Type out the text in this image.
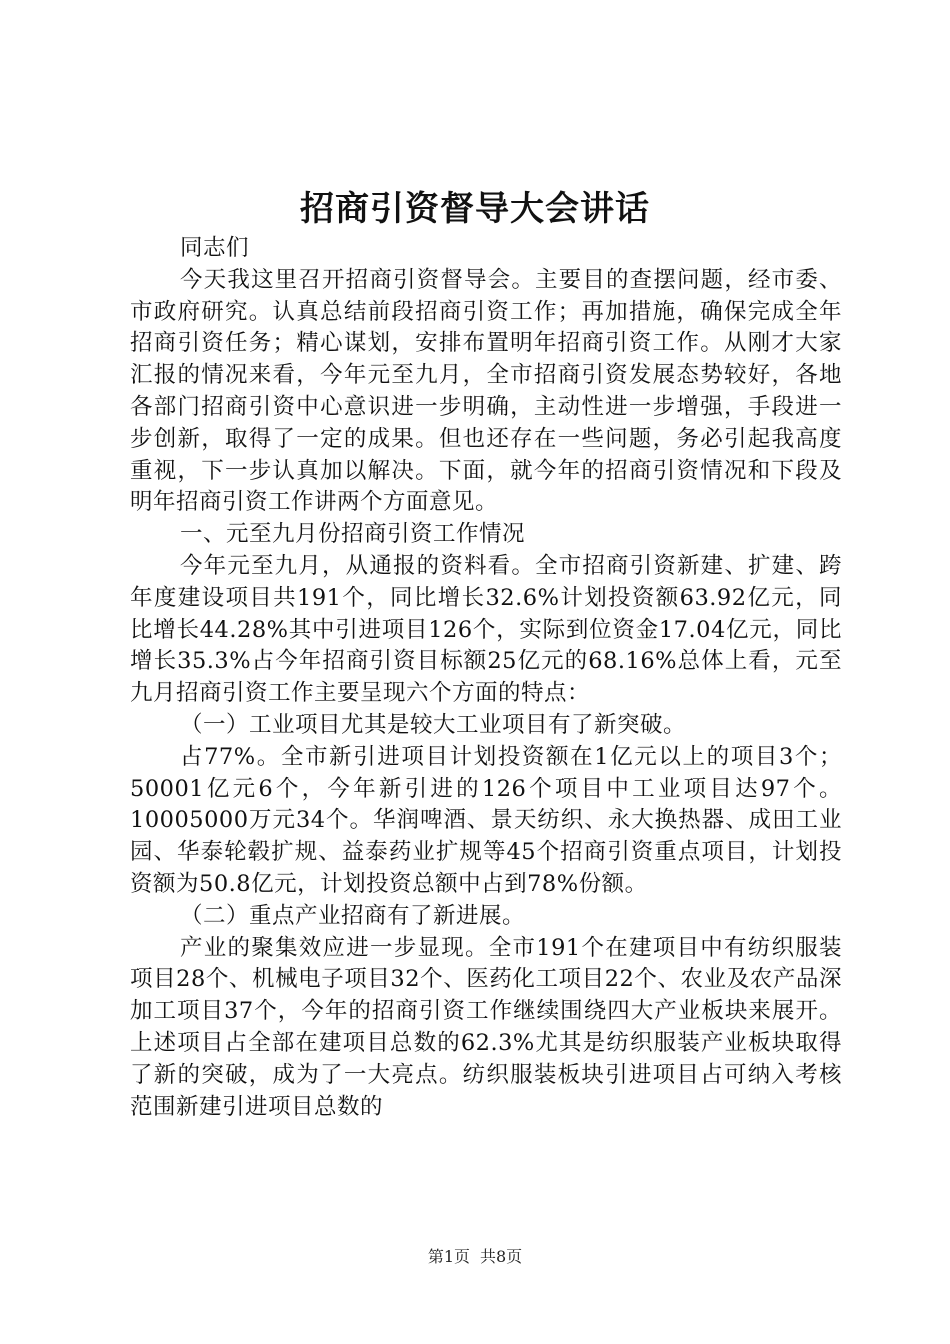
招商引资督导大会讲话

同志们

今天我这里召开招商引资督导会。主要目的查摆问题，经市委、市政府研究。认真总结前段招商引资工作；再加措施，确保完成全年招商引资任务；精心谋划，安排布置明年招商引资工作。从刚才大家汇报的情况来看，今年元至九月，全市招商引资发展态势较好，各地各部门招商引资中心意识进一步明确，主动性进一步增强，手段进一步创新，取得了一定的成果。但也还存在一些问题，务必引起我高度重视，下一步认真加以解决。下面，就今年的招商引资情况和下段及明年招商引资工作讲两个方面意见。

一、元至九月份招商引资工作情况

今年元至九月，从通报的资料看。全市招商引资新建、扩建、跨年度建设项目共191个，同比增长32.6%计划投资额63.92亿元，同比增长44.28%其中引进项目126个，实际到位资金17.04亿元，同比增长35.3%占今年招商引资目标额25亿元的68.16%总体上看，元至九月招商引资工作主要呈现六个方面的特点：

（一）工业项目尤其是较大工业项目有了新突破。

占77%。全市新引进项目计划投资额在1亿元以上的项目3个；50001亿元6个，今年新引进的126个项目中工业项目达97个。10005000万元34个。华润啤酒、景天纺织、永大换热器、成田工业园、华泰轮毂扩规、益泰药业扩规等45个招商引资重点项目，计划投资额为50.8亿元，计划投资总额中占到78%份额。

（二）重点产业招商有了新进展。

产业的聚集效应进一步显现。全市191个在建项目中有纺织服装项目28个、机械电子项目32个、医药化工项目22个、农业及农产品深加工项目37个，今年的招商引资工作继续围绕四大产业板块来展开。上述项目占全部在建项目总数的62.3%尤其是纺织服装产业板块取得了新的突破，成为了一大亮点。纺织服装板块引进项目占可纳入考核范围新建引进项目总数的

第1页 共8页
